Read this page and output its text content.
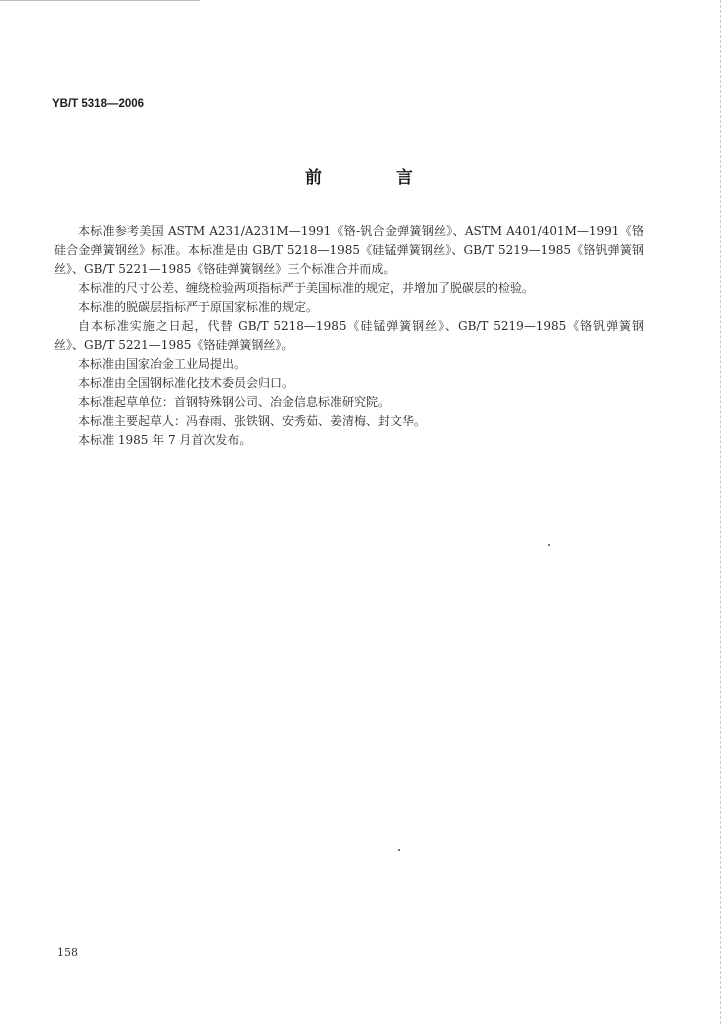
YB/T 5318—2006
前 言

本标准参考美国 ASTM A231/A231M—1991《铬-钒合金弹簧钢丝》、ASTM A401/401M—1991《铬硅合金弹簧钢丝》标准。本标准是由 GB/T 5218—1985《硅锰弹簧钢丝》、GB/T 5219—1985《铬钒弹簧钢丝》、GB/T 5221—1985《铬硅弹簧钢丝》三个标准合并而成。

本标准的尺寸公差、缠绕检验两项指标严于美国标准的规定，并增加了脱碳层的检验。

本标准的脱碳层指标严于原国家标准的规定。

自本标准实施之日起，代替 GB/T 5218—1985《硅锰弹簧钢丝》、GB/T 5219—1985《铬钒弹簧钢丝》、GB/T 5221—1985《铬硅弹簧钢丝》。

本标准由国家冶金工业局提出。

本标准由全国钢标准化技术委员会归口。

本标准起草单位：首钢特殊钢公司、冶金信息标准研究院。

本标准主要起草人：冯春雨、张铁钢、安秀茹、姜清梅、封文华。

本标准 1985 年 7 月首次发布。

158
